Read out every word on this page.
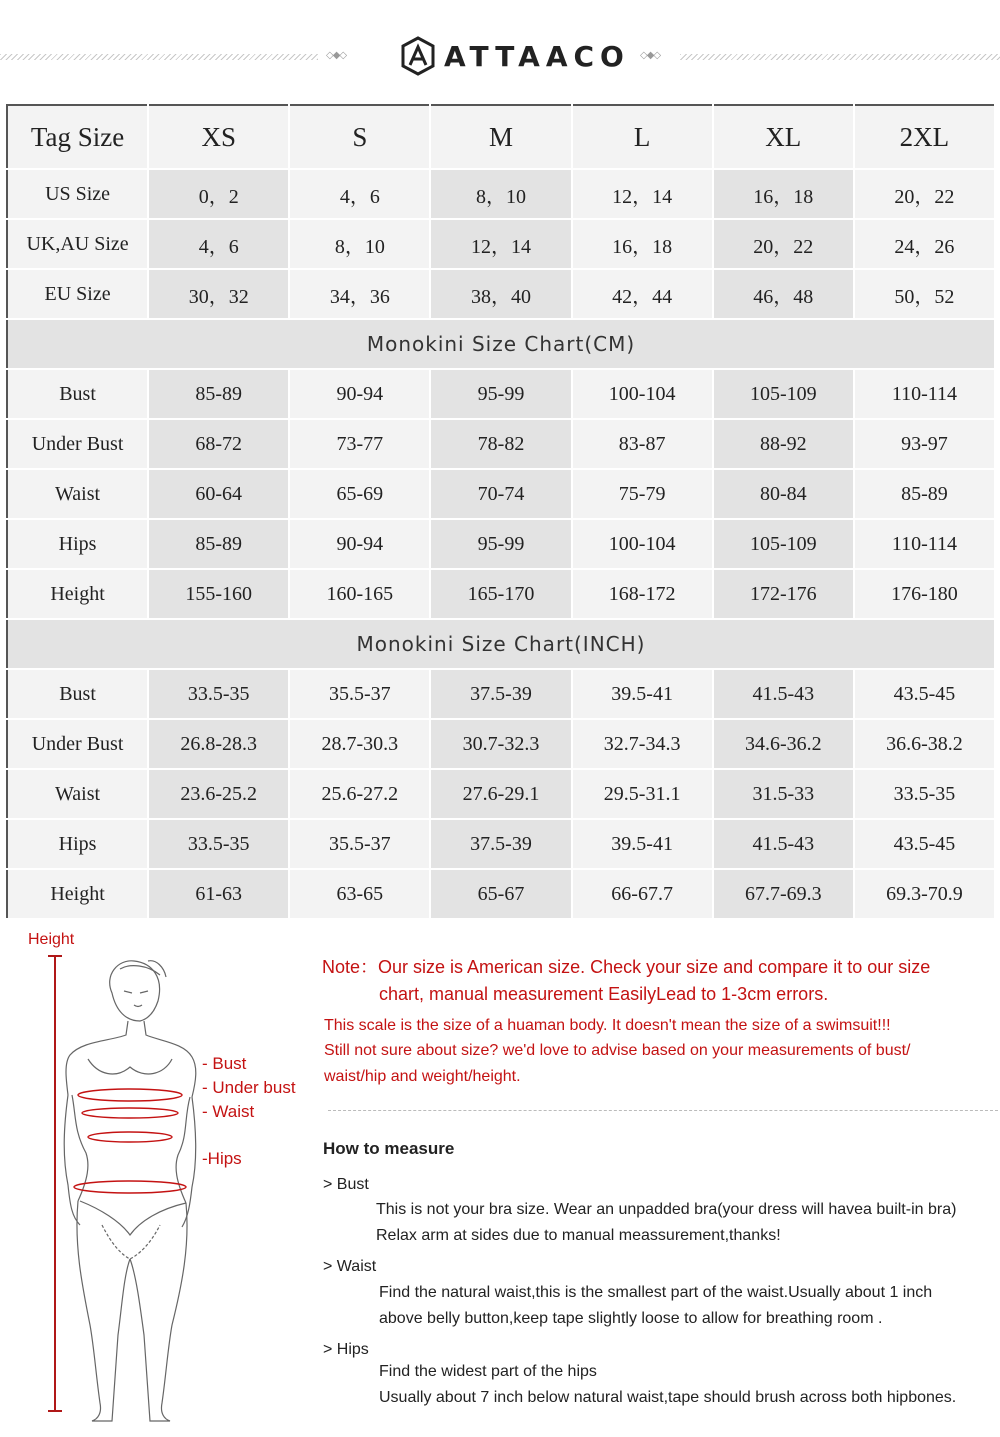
◇◆◇	ATTAACO ◇◆◇
Tag Size	XS	S	M	L	XL	2XL
US Size	0，2	4，6	8，10	12，14	16，18	20，22
UK,AU Size	4，6	8，10	12，14	16，18	20，22	24，26
EU Size	30，32	34，36	38，40	42，44	46，48	50，52
Monokini Size Chart(CM)						
Bust	85-89	90-94	95-99	100-104	105-109	110-114
Under Bust	68-72	73-77	78-82	83-87	88-92	93-97
Waist	60-64	65-69	70-74	75-79	80-84	85-89
Hips	85-89	90-94	95-99	100-104	105-109	110-114
Height	155-160	160-165	165-170	168-172	172-176	176-180
Monokini Size Chart(INCH)						
Bust	33.5-35	35.5-37	37.5-39	39.5-41	41.5-43	43.5-45
Under Bust	26.8-28.3	28.7-30.3	30.7-32.3	32.7-34.3	34.6-36.2	36.6-38.2
Waist	23.6-25.2	25.6-27.2	27.6-29.1	29.5-31.1	31.5-33	33.5-35
Hips	33.5-35	35.5-37	37.5-39	39.5-41	41.5-43	43.5-45
Height	61-63	63-65	65-67	66-67.7	67.7-69.3	69.3-70.9
Height
- Bust
- Under bust
- Waist
-Hips
Note：Our size is American size. Check your size and compare it to our size
chart, manual measurement EasilyLead to 1-3cm errors.
This scale is the size of a huaman body. It doesn't mean the size of a swimsuit!!!
Still not sure about size? we'd love to advise based on your measurements of bust/
waist/hip and weight/height.
How to measure
> Bust
This is not your bra size. Wear an unpadded bra(your dress will havea built-in bra)
Relax arm at sides due to manual meassurement,thanks!
> Waist
Find the natural waist,this is the smallest part of the waist.Usually about 1 inch
above belly button,keep tape slightly loose to allow for breathing room .
> Hips
Find the widest part of the hips
Usually about 7 inch below natural waist,tape should brush across both hipbones.
